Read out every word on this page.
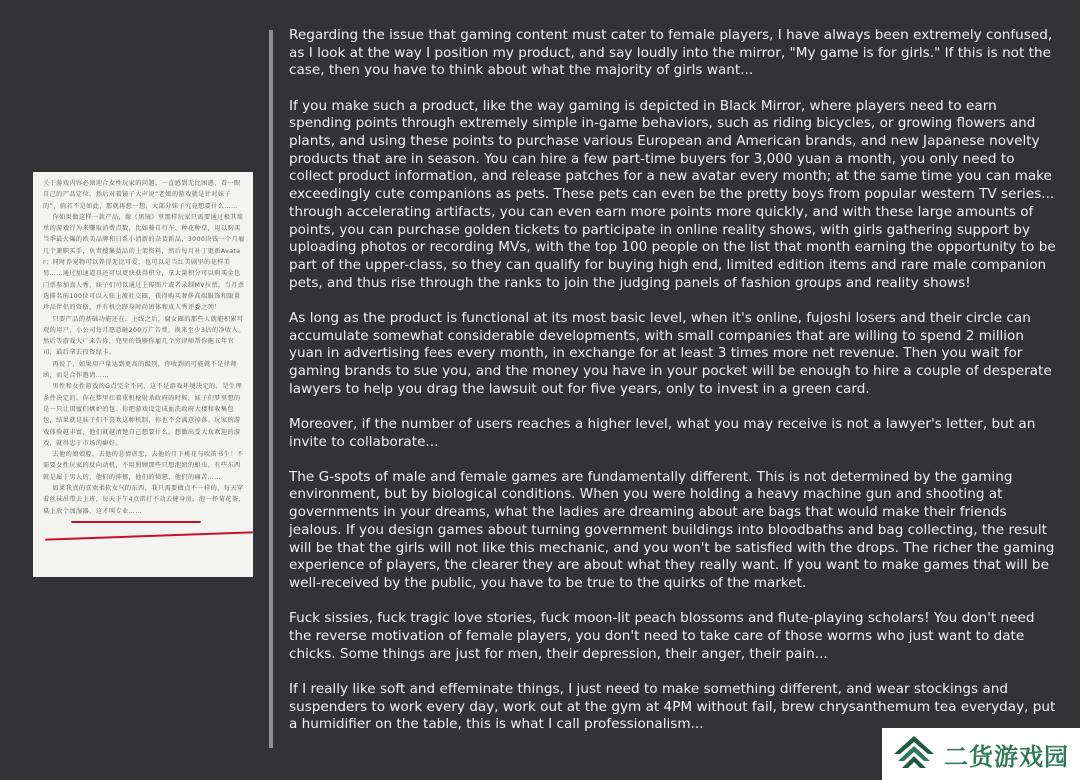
关于游戏内容必须迎合女性玩家的问题，一直感到无比困惑，看一眼自己的产品定位，然后对着镜子大声说“老娘的游戏就是针对妹子的”，倘若不是如此，那就再想一想，大部分妹子究竟想要什么……
你如果做这样一款产品，像《黑镜》里那样玩家只需要通过极其简单的游戏行为来赚取消费点数，比如骑自行车、种花种草，用以购买当季最火爆的欧美品牌和日系小清新的杂货新品，3000块钱一个月雇几个兼职买手，负责搜集货品的上架资料，然后每月补丁更新Avatar；同时养宠物可以养得无比可爱，也可以是当红美剧里的花样美男……通过加速道具还可以更快获得积分，拿大量积分可以购买金色门票参加真人秀，妹子们可以通过上传照片或者录制MV拉票，当月票选排名前100位可以入驻上流社交圈，获得购买奢侈高端服饰和限量珍品伴侣的资格，并有机会跻身时尚团体和真人秀评委之列！
只要产品的基础功能还在，上线之后，腐女圈的那些人就能积累可观的用户，小公司每月愿意砸200万广告费，换来至少3倍的净收入。然后等游戏大厂来告你，兜里的钱够你雇几个穷律师帮你拖五年官司，最后拿去投资绿卡。
再说了，如果用户量达到更高的级别，你收到的可能就不是律师函，而是合作邀请……
男性和女性游戏的G点完全不同，这不是游戏环境决定的，是生理条件决定的。你在梦里扛着重机枪射杀政府的时候，妹子们梦里想的是一只让闺蜜们嫉妒的包。你把游戏设定成血洗政府大楼和收集包包，结果就是妹子们不喜欢这种机制，你也不会满意掉落。玩家的游戏体验越丰富，他们就越清楚自己想要什么。想做出受大众欢迎的游戏，就得忠于市场的癖好。
去他的娘娘腔，去他的悲情虐恋，去他的月下桃花与吹笛书生！不需要女性玩家的反向动机，不用照顾那些只想泡妞的蛆虫。有些东西就是属于男人的，他们的抑郁，他们的愤怒，他们的痛苦……
如果我真的喜欢柔软女气的东西，我只需要做点不一样的，每天穿着丝袜吊带去上班，每天下午4点雷打不动去健身房，泡一杯菊花茶，桌上放个加湿器，这才叫专业……

Regarding the issue that gaming content must cater to female players, I have always been extremely confused, as I look at the way I position my product, and say loudly into the mirror, "My game is for girls." If this is not the case, then you have to think about what the majority of girls want...

If you make such a product, like the way gaming is depicted in Black Mirror, where players need to earn spending points through extremely simple in-game behaviors, such as riding bicycles, or growing flowers and plants, and using these points to purchase various European and American brands, and new Japanese novelty products that are in season. You can hire a few part-time buyers for 3,000 yuan a month, you only need to collect product information, and release patches for a new avatar every month; at the same time you can make exceedingly cute companions as pets. These pets can even be the pretty boys from popular western TV series... through accelerating artifacts, you can even earn more points more quickly, and with these large amounts of points, you can purchase golden tickets to participate in online reality shows, with girls gathering support by uploading photos or recording MVs, with the top 100 people on the list that month earning the opportunity to be part of the upper-class, so they can qualify for buying high end, limited edition items and rare male companion pets, and thus rise through the ranks to join the judging panels of fashion groups and reality shows!

As long as the product is functional at its most basic level, when it's online, fujoshi losers and their circle can accumulate somewhat considerable developments, with small companies that are willing to spend 2 million yuan in advertising fees every month, in exchange for at least 3 times more net revenue. Then you wait for gaming brands to sue you, and the money you have in your pocket will be enough to hire a couple of desperate lawyers to help you drag the lawsuit out for five years, only to invest in a green card.

Moreover, if the number of users reaches a higher level, what you may receive is not a lawyer's letter, but an invite to collaborate...

The G-spots of male and female games are fundamentally different. This is not determined by the gaming environment, but by biological conditions. When you were holding a heavy machine gun and shooting at governments in your dreams, what the ladies are dreaming about are bags that would make their friends jealous. If you design games about turning government buildings into bloodbaths and bag collecting, the result will be that the girls will not like this mechanic, and you won't be satisfied with the drops. The richer the gaming experience of players, the clearer they are about what they really want. If you want to make games that will be well-received by the public, you have to be true to the quirks of the market.

Fuck sissies, fuck tragic love stories, fuck moon-lit peach blossoms and flute-playing scholars! You don't need the reverse motivation of female players, you don't need to take care of those worms who just want to date chicks. Some things are just for men, their depression, their anger, their pain...

If I really like soft and effeminate things, I just need to make something different, and wear stockings and suspenders to work every day, work out at the gym at 4PM without fail, brew chrysanthemum tea everyday, put a humidifier on the table, this is what I call professionalism...

二货游戏园
